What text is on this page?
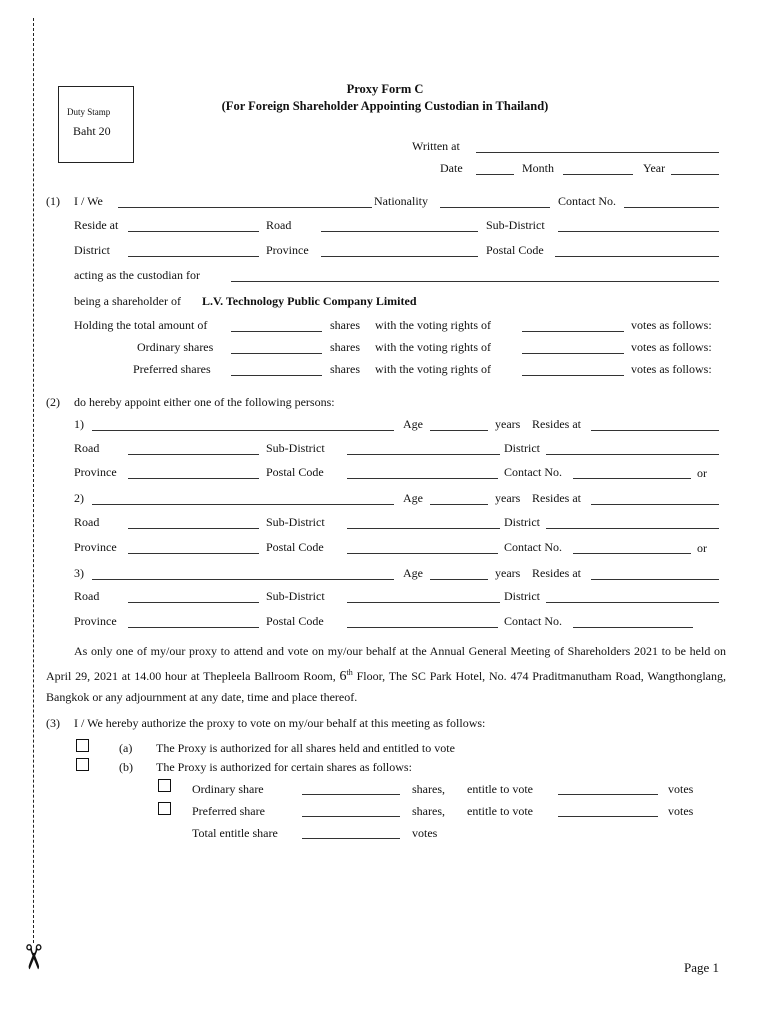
✂
Duty Stamp
Baht 20
Proxy Form C
(For Foreign Shareholder Appointing Custodian in Thailand)
Written at
Date	Month	Year
(1) I / We	Nationality	Contact No.
Reside at	Road	Sub-District
District	Province	Postal Code
acting as the custodian for
being a shareholder of L.V. Technology Public Company Limited
Holding the total amount of	shares with the voting rights of	votes as follows:
Ordinary shares	shares with the voting rights of	votes as follows:
Preferred shares	shares with the voting rights of	votes as follows:
(2) do hereby appoint either one of the following persons:
1)	Age	years Resides at
Road	Sub-District	District
Province	Postal Code	Contact No.	or
2)	Age	years Resides at
Road	Sub-District	District
Province	Postal Code	Contact No.	or
3)	Age	years Resides at
Road	Sub-District	District
Province	Postal Code	Contact No.
As only one of my/our proxy to attend and vote on my/our behalf at the Annual General Meeting of Shareholders 2021 to be held on April 29, 2021 at 14.00 hour at Thepleela Ballroom Room, 6th Floor, The SC Park Hotel, No. 474 Praditmanutham Road, Wangthonglang, Bangkok or any adjournment at any date, time and place thereof.
(3) I / We hereby authorize the proxy to vote on my/our behalf at this meeting as follows:
(a) The Proxy is authorized for all shares held and entitled to vote
(b) The Proxy is authorized for certain shares as follows:
Ordinary share	shares, entitle to vote	votes
Preferred share	shares, entitle to vote	votes
Total entitle share	votes
Page 1
